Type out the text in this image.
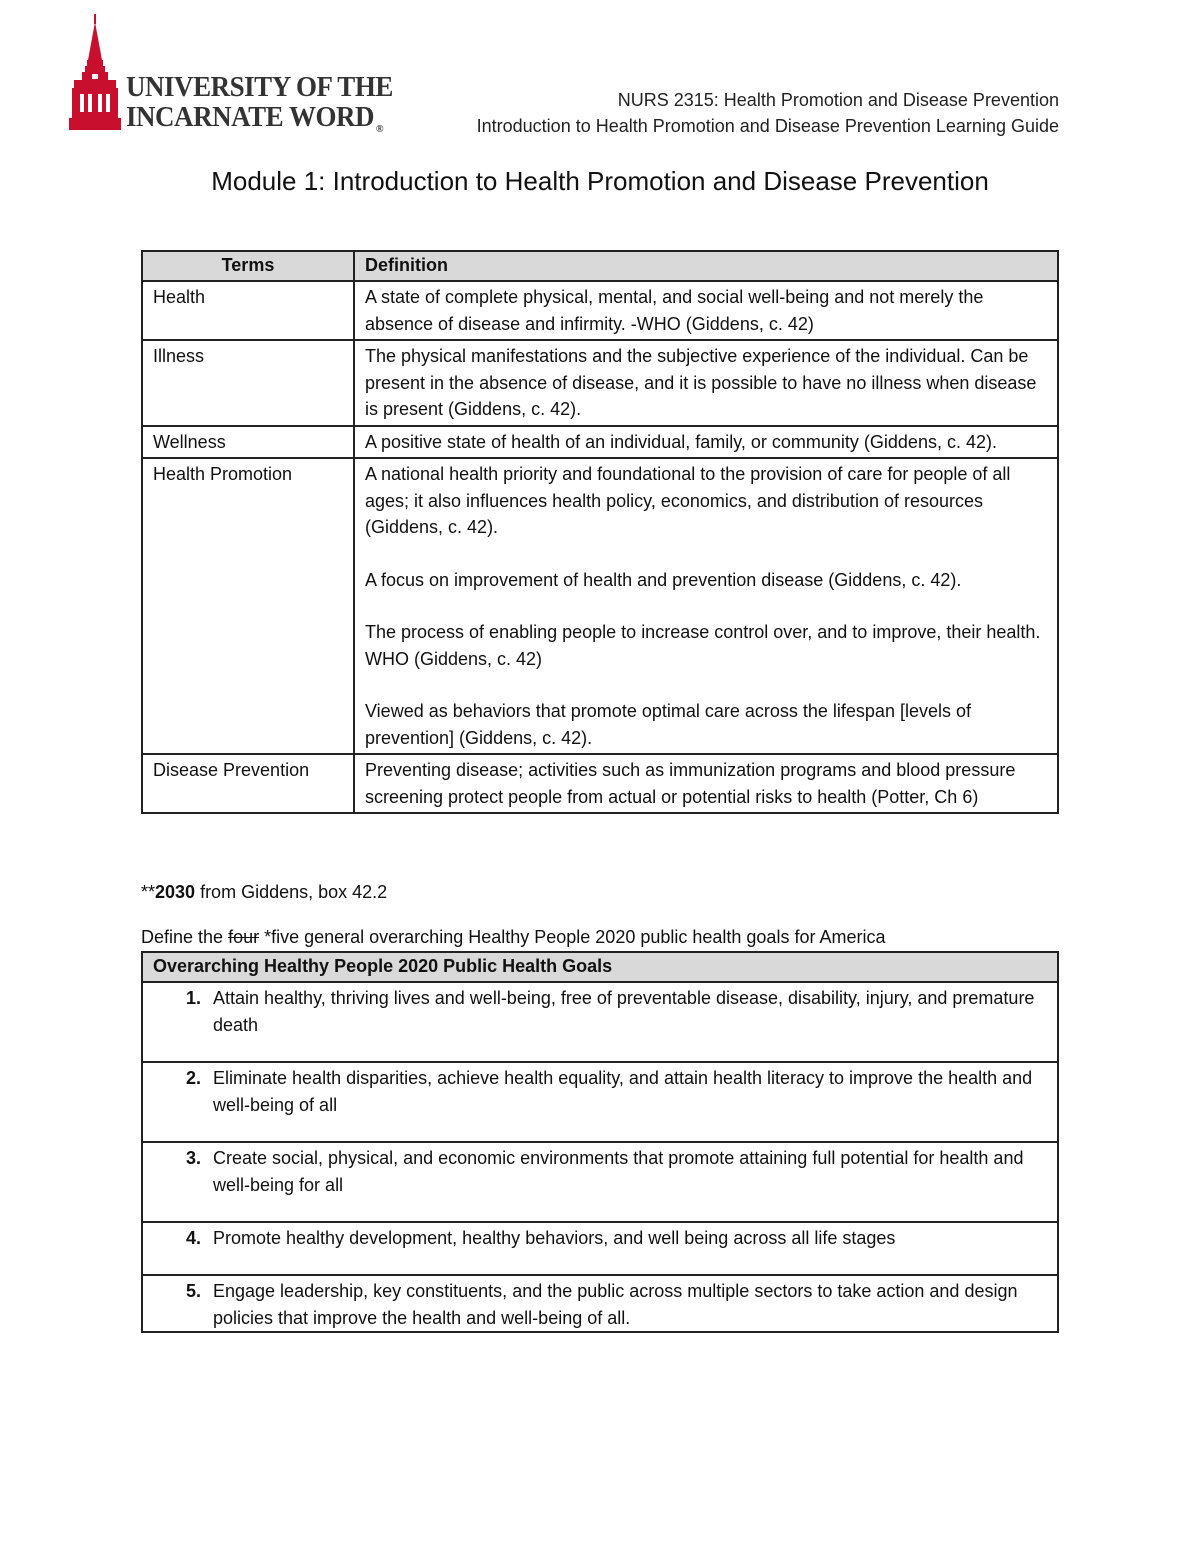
UNIVERSITY OF THE
INCARNATE WORD $_®$
NURS 2315: Health Promotion and Disease Prevention
Introduction to Health Promotion and Disease Prevention Learning Guide
Module 1: Introduction to Health Promotion and Disease Prevention
Terms	Definition
Health	A state of complete physical, mental, and social well-being and not merely the absence of disease and infirmity. -WHO (Giddens, c. 42)

Illness	The physical manifestations and the subjective experience of the individual. Can be present in the absence of disease, and it is possible to have no illness when disease is present (Giddens, c. 42).

Wellness	A positive state of health of an individual, family, or community (Giddens, c. 42).

Health Promotion	A national health priority and foundational to the provision of care for people of all ages; it also influences health policy, economics, and distribution of resources (Giddens, c. 42).
A focus on improvement of health and prevention disease (Giddens, c. 42).
The process of enabling people to increase control over, and to improve, their health. WHO (Giddens, c. 42)
Viewed as behaviors that promote optimal care across the lifespan [levels of prevention] (Giddens, c. 42).

Disease Prevention	Preventing disease; activities such as immunization programs and blood pressure screening protect people from actual or potential risks to health (Potter, Ch 6)
**2030 from Giddens, box 42.2
Define the four *five general overarching Healthy People 2020 public health goals for America
Overarching Healthy People 2020 Public Health Goals

1. Attain healthy, thriving lives and well-being, free of preventable disease, disability, injury, and premature death

2. Eliminate health disparities, achieve health equality, and attain health literacy to improve the health and well-being of all

3. Create social, physical, and economic environments that promote attaining full potential for health and well-being for all

4. Promote healthy development, healthy behaviors, and well being across all life stages

5. Engage leadership, key constituents, and the public across multiple sectors to take action and design policies that improve the health and well-being of all.
